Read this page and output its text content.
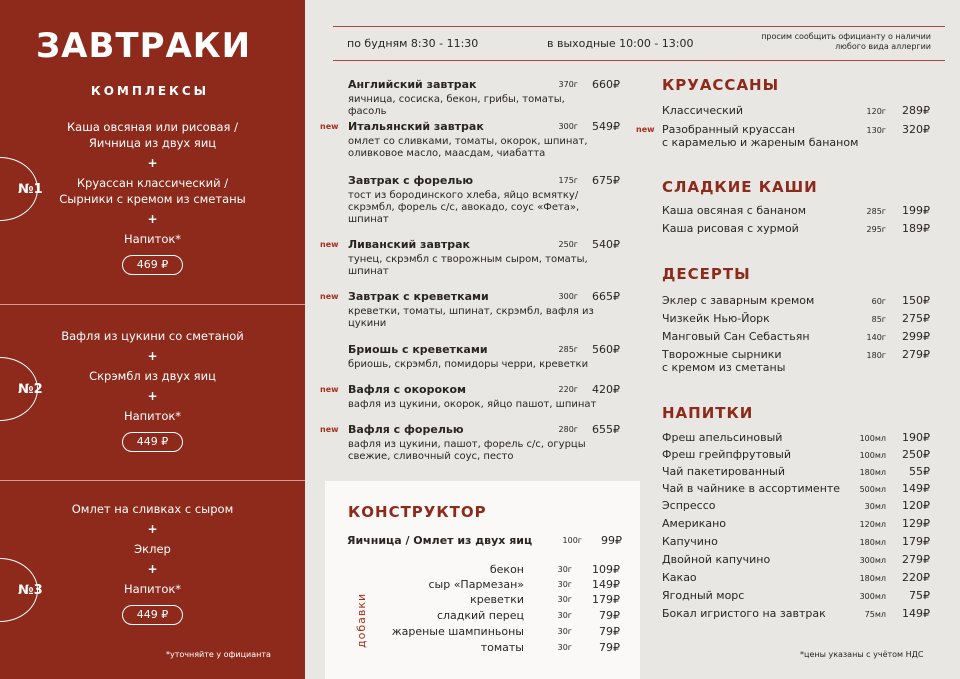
ЗАВТРАКИ
КОМПЛЕКСЫ
Каша овсяная или рисовая /
Яичница из двух яиц
+
Круассан классический /
Сырники с кремом из сметаны
+
Напиток*
469 ₽
№1
Вафля из цукини со сметаной
+
Скрэмбл из двух яиц
+
Напиток*
449 ₽
№2
Омлет на сливках с сыром
+
Эклер
+
Напиток*
449 ₽
№3
*уточняйте у официанта
по будням 8:30 - 11:30	в выходные 10:00 - 13:00
просим сообщить официанту о наличии любого вида аллергии
Английский завтрак	370г 660₽
яичница, сосиска, бекон, грибы, томаты, фасоль
new Итальянский завтрак	300г 549₽
омлет со сливками, томаты, окорок, шпинат, оливковое масло, маасдам, чиабатта
Завтрак с форелью	175г 675₽
тост из бородинского хлеба, яйцо всмятку/скрэмбл, форель с/с, авокадо, соус «Фета», шпинат
new Ливанский завтрак	250г 540₽
тунец, скрэмбл с творожным сыром, томаты, шпинат
new Завтрак с креветками	300г 665₽
креветки, томаты, шпинат, скрэмбл, вафля из цукини
Бриошь с креветками	285г 560₽
бриошь, скрэмбл, помидоры черри, креветки
new Вафля с окороком	220г 420₽
вафля из цукини, окорок, яйцо пашот, шпинат
new Вафля с форелью	280г 655₽
вафля из цукини, пашот, форель с/с, огурцы свежие, сливочный соус, песто
КОНСТРУКТОР
Яичница / Омлет из двух яиц	100г 99₽
добавки
бекон	30г 109₽
сыр «Пармезан»	30г 149₽
креветки	30г 179₽
сладкий перец	30г 79₽
жареные шампиньоны	30г 79₽
томаты	30г 79₽
КРУАССАНЫ
Классический	120г 289₽
new Разобранный круассан
с карамелью и жареным бананом
130г 320₽
СЛАДКИЕ КАШИ
Каша овсяная с бананом	285г 199₽
Каша рисовая с хурмой	295г 189₽
ДЕСЕРТЫ
Эклер с заварным кремом	60г 150₽
Чизкейк Нью-Йорк	85г 275₽
Манговый Сан Себастьян	140г 299₽
Творожные сырники
с кремом из сметаны
180г 279₽
НАПИТКИ
Фреш апельсиновый	100мл 190₽
Фреш грейпфрутовый	100мл 250₽
Чай пакетированный	180мл 55₽
Чай в чайнике в ассортименте 500мл 149₽
Эспрессо	30мл 120₽
Американо	120мл 129₽
Капучино	180мл 179₽
Двойной капучино	300мл 279₽
Какао	180мл 220₽
Ягодный морс	300мл 75₽
Бокал игристого на завтрак	75мл 149₽
*цены указаны с учётом НДС
